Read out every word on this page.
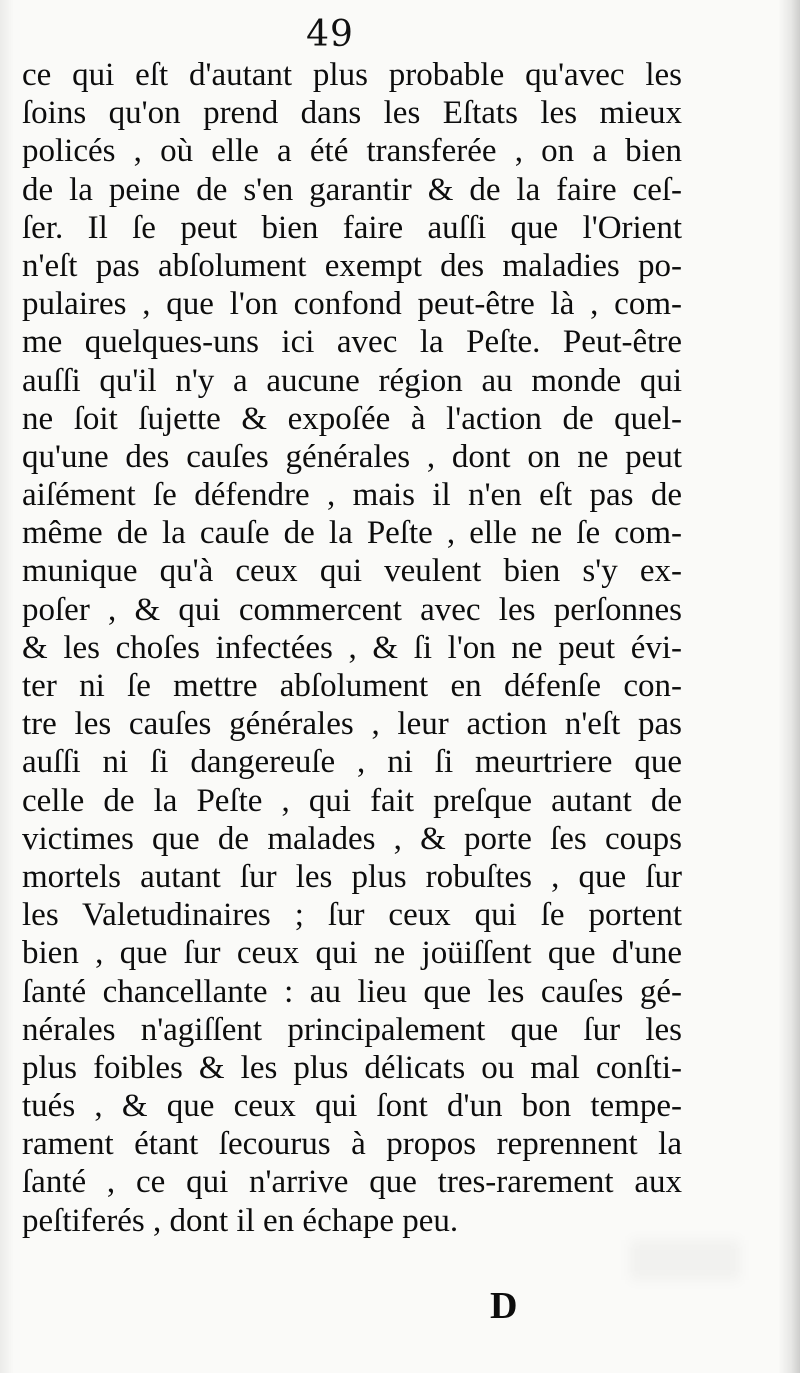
49
ce qui eſt d'autant plus probable qu'avec les
ſoins qu'on prend dans les Eſtats les mieux
policés , où elle a été transferée , on a bien
de la peine de s'en garantir & de la faire ceſ-
ſer. Il ſe peut bien faire auſſi que l'Orient
n'eſt pas abſolument exempt des maladies po-
pulaires , que l'on confond peut-être là , com-
me quelques-uns ici avec la Peſte. Peut-être
auſſi qu'il n'y a aucune région au monde qui
ne ſoit ſujette & expoſée à l'action de quel-
qu'une des cauſes générales , dont on ne peut
aiſément ſe défendre , mais il n'en eſt pas de
même de la cauſe de la Peſte , elle ne ſe com-
munique qu'à ceux qui veulent bien s'y ex-
poſer , & qui commercent avec les perſonnes
& les choſes infectées , & ſi l'on ne peut évi-
ter ni ſe mettre abſolument en défenſe con-
tre les cauſes générales , leur action n'eſt pas
auſſi ni ſi dangereuſe , ni ſi meurtriere que
celle de la Peſte , qui fait preſque autant de
victimes que de malades , & porte ſes coups
mortels autant ſur les plus robuſtes , que ſur
les Valetudinaires ; ſur ceux qui ſe portent
bien , que ſur ceux qui ne joüiſſent que d'une
ſanté chancellante : au lieu que les cauſes gé-
nérales n'agiſſent principalement que ſur les
plus foibles & les plus délicats ou mal conſti-
tués , & que ceux qui ſont d'un bon tempe-
rament étant ſecourus à propos reprennent la
ſanté , ce qui n'arrive que tres-rarement aux
peſtiferés , dont il en échape peu.
D
